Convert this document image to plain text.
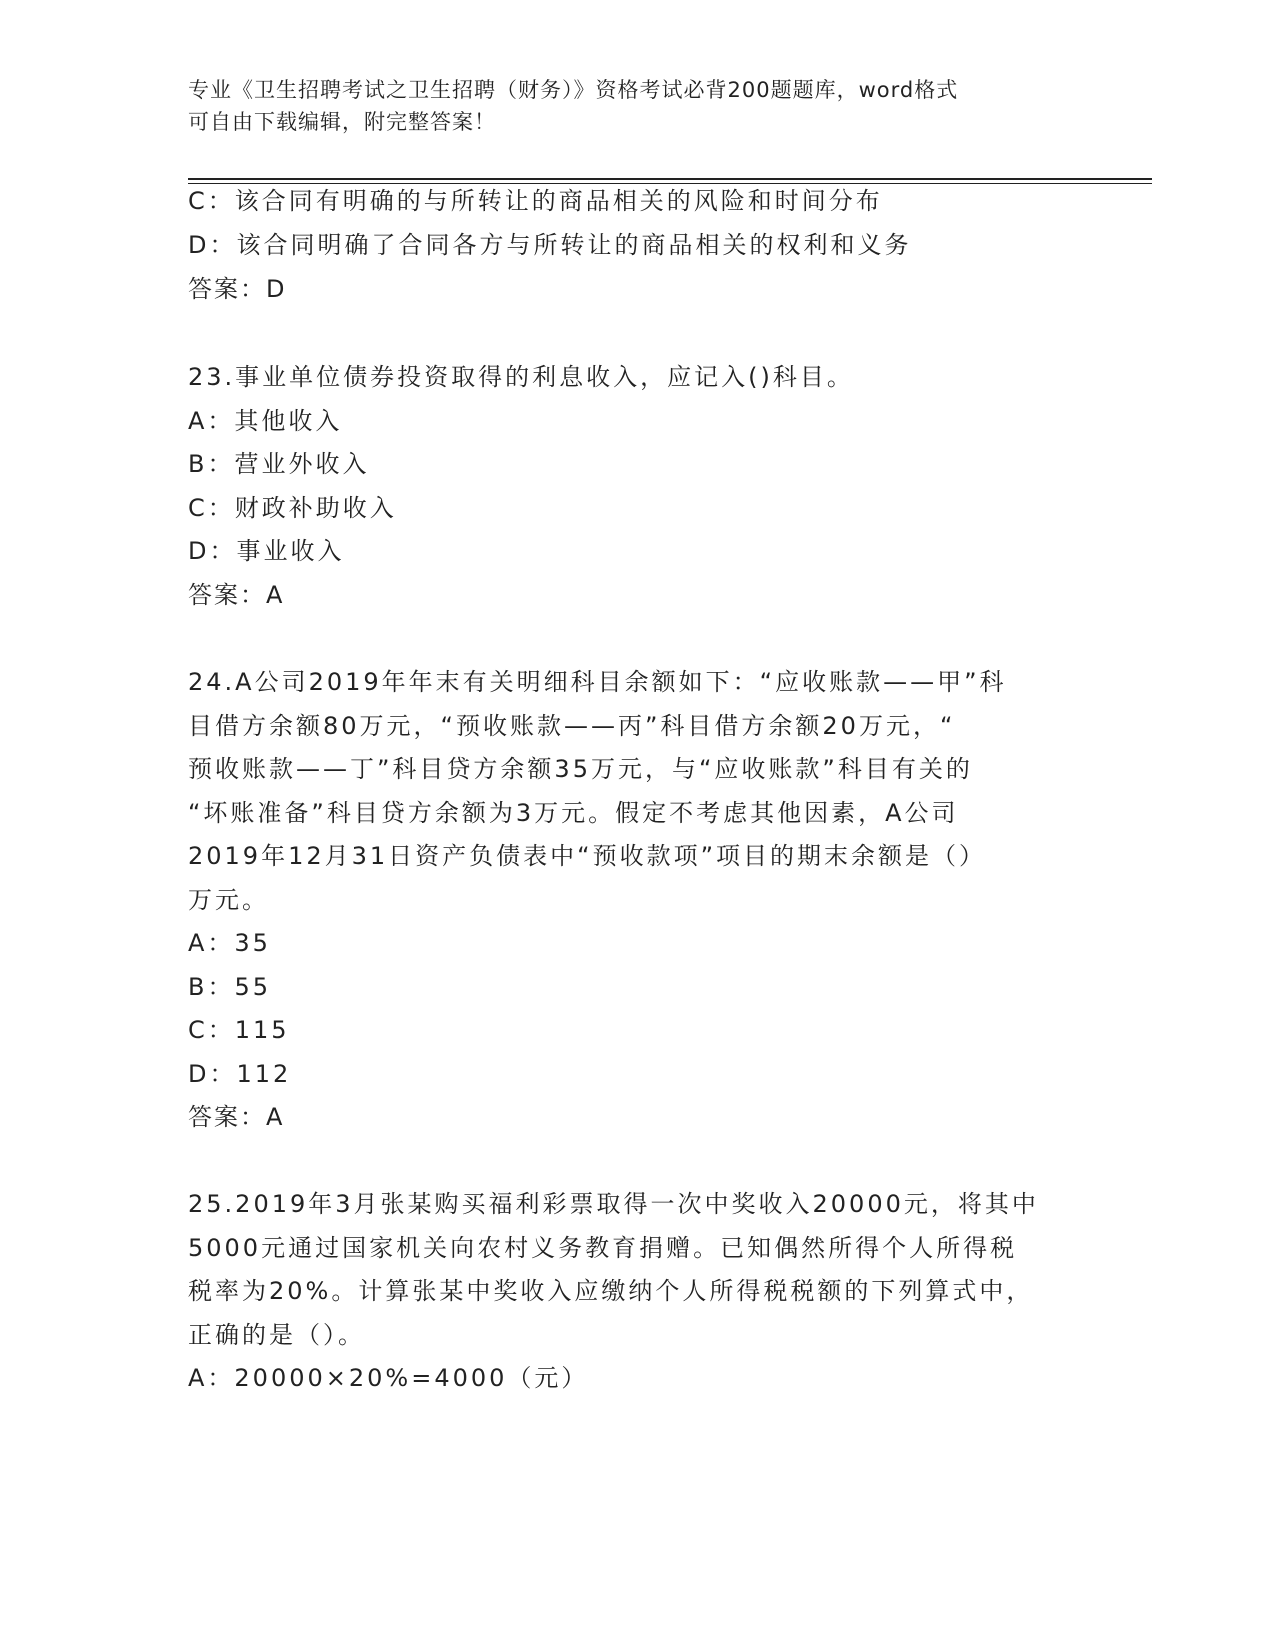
专业《卫生招聘考试之卫生招聘（财务）》资格考试必背200题题库，word格式
可自由下载编辑，附完整答案！
C：该合同有明确的与所转让的商品相关的风险和时间分布
D：该合同明确了合同各方与所转让的商品相关的权利和义务
答案：D
23.事业单位债券投资取得的利息收入，应记入()科目。
A：其他收入
B：营业外收入
C：财政补助收入
D：事业收入
答案：A
24.A公司2019年年末有关明细科目余额如下：“应收账款——甲”科
目借方余额80万元，“预收账款——丙”科目借方余额20万元，“
预收账款——丁”科目贷方余额35万元，与“应收账款”科目有关的
“坏账准备”科目贷方余额为3万元。假定不考虑其他因素，A公司
2019年12月31日资产负债表中“预收款项”项目的期末余额是（）
万元。
A：35
B：55
C：115
D：112
答案：A
25.2019年3月张某购买福利彩票取得一次中奖收入20000元，将其中
5000元通过国家机关向农村义务教育捐赠。已知偶然所得个人所得税
税率为20%。计算张某中奖收入应缴纳个人所得税税额的下列算式中，
正确的是（）。
A：20000×20%=4000（元）
